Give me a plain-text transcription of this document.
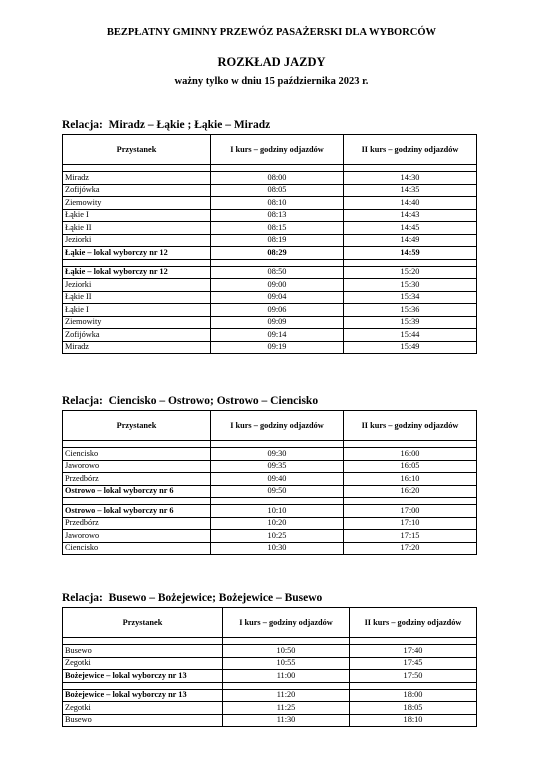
BEZPŁATNY GMINNY PRZEWÓZ PASAŻERSKI DLA WYBORCÓW
ROZKŁAD JAZDY
ważny tylko w dniu 15 października 2023 r.
Relacja:  Miradz – Łąkie ; Łąkie – Miradz
Przystanek	I kurs – godziny odjazdów	II kurs – godziny odjazdów

Miradz	08:00	14:30
Zofijówka	08:05	14:35
Ziemowity	08:10	14:40
Łąkie I	08:13	14:43
Łąkie II	08:15	14:45
Jeziorki	08:19	14:49
Łąkie – lokal wyborczy nr 12	08:29	14:59

Łąkie – lokal wyborczy nr 12	08:50	15:20
Jeziorki	09:00	15:30
Łąkie II	09:04	15:34
Łąkie I	09:06	15:36
Ziemowity	09:09	15:39
Zofijówka	09:14	15:44
Miradz	09:19	15:49
Relacja:  Ciencisko – Ostrowo; Ostrowo – Ciencisko
Przystanek	I kurs – godziny odjazdów	II kurs – godziny odjazdów

Ciencisko	09:30	16:00
Jaworowo	09:35	16:05
Przedbórz	09:40	16:10
Ostrowo – lokal wyborczy nr 6	09:50	16:20

Ostrowo – lokal wyborczy nr 6	10:10	17:00
Przedbórz	10:20	17:10
Jaworowo	10:25	17:15
Ciencisko	10:30	17:20
Relacja:  Busewo – Bożejewice; Bożejewice – Busewo
Przystanek	I kurs – godziny odjazdów	II kurs – godziny odjazdów

Busewo	10:50	17:40
Zegotki	10:55	17:45
Bożejewice – lokal wyborczy nr 13	11:00	17:50

Bożejewice – lokal wyborczy nr 13	11:20	18:00
Zegotki	11:25	18:05
Busewo	11:30	18:10
